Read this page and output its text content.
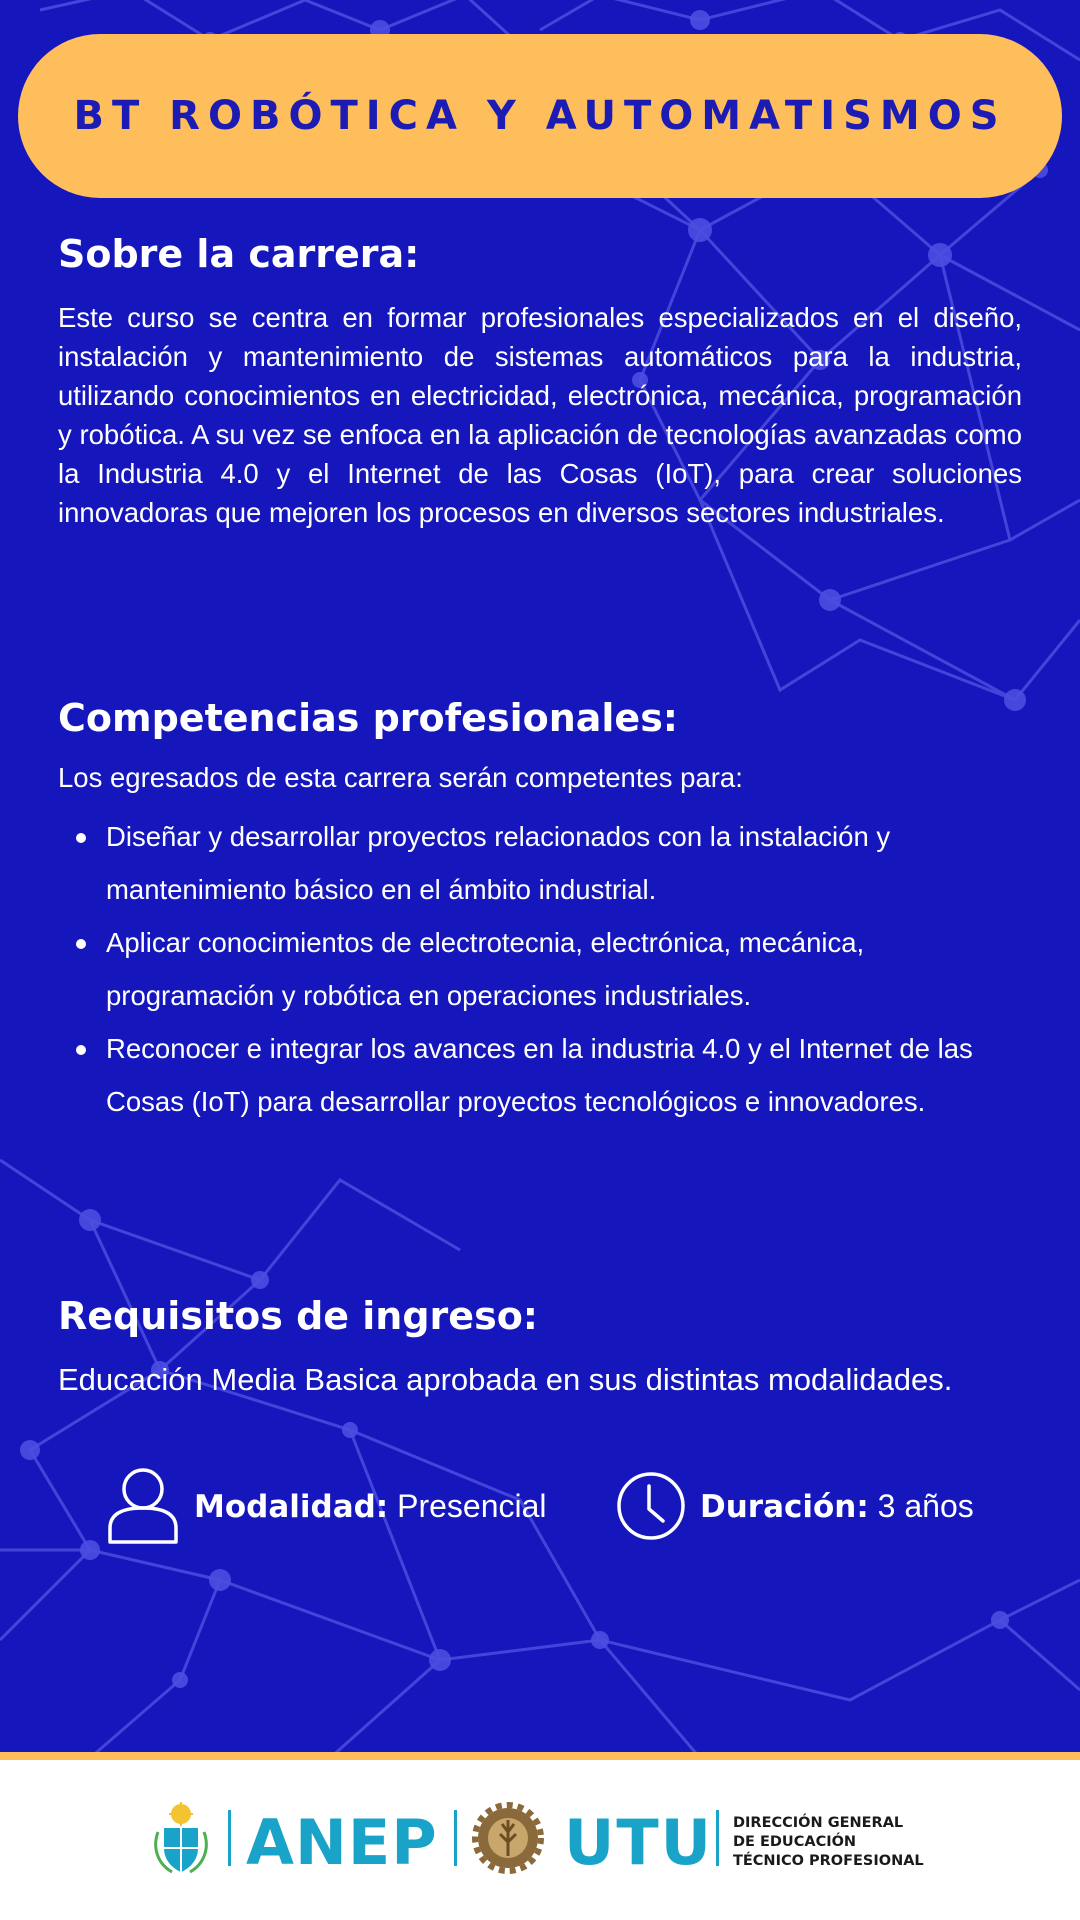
BT ROBÓTICA Y AUTOMATISMOS
Sobre la carrera:

Este curso se centra en formar profesionales especializados en el diseño, instalación y mantenimiento de sistemas automáticos para la industria, utilizando conocimientos en electricidad, electrónica, mecánica, programación y robótica. A su vez se enfoca en la aplicación de tecnologías avanzadas como la Industria 4.0 y el Internet de las Cosas (IoT), para crear soluciones innovadoras que mejoren los procesos en diversos sectores industriales.

Competencias profesionales:

Los egresados de esta carrera serán competentes para:

Diseñar y desarrollar proyectos relacionados con la instalación y mantenimiento básico en el ámbito industrial.
Aplicar conocimientos de electrotecnia, electrónica, mecánica, programación y robótica en operaciones industriales.
Reconocer e integrar los avances en la industria 4.0 y el Internet de las Cosas (IoT) para desarrollar proyectos tecnológicos e innovadores.
Requisitos de ingreso:

Educación Media Basica aprobada en sus distintas modalidades.

Modalidad: Presencial	Duración: 3 años
ANEP UTU DIRECCIÓN GENERAL
DE EDUCACIÓN
TÉCNICO PROFESIONAL
